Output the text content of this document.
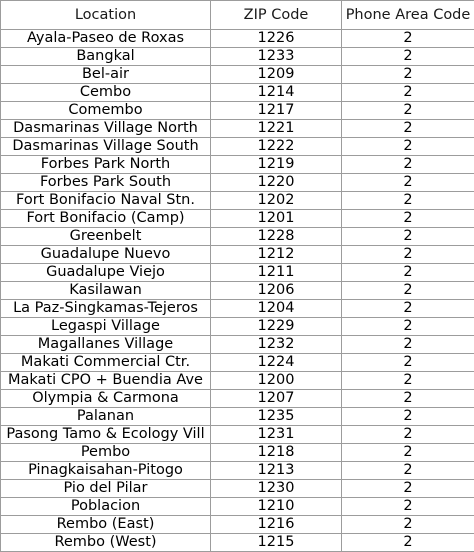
Location	ZIP Code	Phone Area Code
Ayala-Paseo de Roxas	1226	2
Bangkal	1233	2
Bel-air	1209	2
Cembo	1214	2
Comembo	1217	2
Dasmarinas Village North	1221	2
Dasmarinas Village South	1222	2
Forbes Park North	1219	2
Forbes Park South	1220	2
Fort Bonifacio Naval Stn.	1202	2
Fort Bonifacio (Camp)	1201	2
Greenbelt	1228	2
Guadalupe Nuevo	1212	2
Guadalupe Viejo	1211	2
Kasilawan	1206	2
La Paz-Singkamas-Tejeros	1204	2
Legaspi Village	1229	2
Magallanes Village	1232	2
Makati Commercial Ctr.	1224	2
Makati CPO + Buendia Ave	1200	2
Olympia & Carmona	1207	2
Palanan	1235	2
Pasong Tamo & Ecology Vill	1231	2
Pembo	1218	2
Pinagkaisahan-Pitogo	1213	2
Pio del Pilar	1230	2
Poblacion	1210	2
Rembo (East)	1216	2
Rembo (West)	1215	2
